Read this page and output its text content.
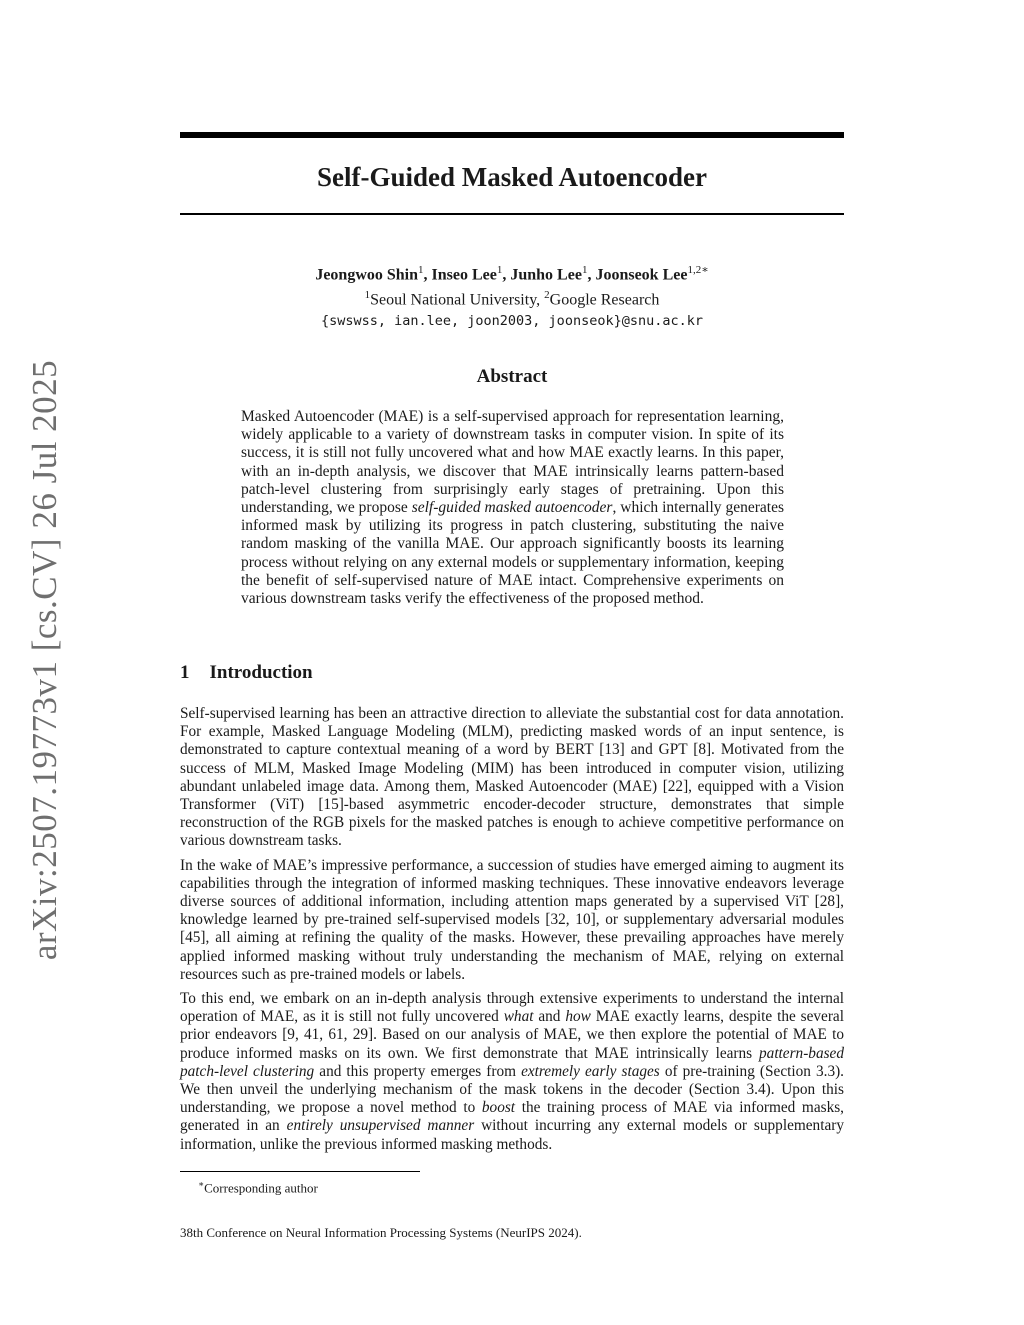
arXiv:2507.19773v1 [cs.CV] 26 Jul 2025
Self-Guided Masked Autoencoder
Jeongwoo Shin$^1$, Inseo Lee$^1$, Junho Lee$^1$, Joonseok Lee$^{1,2∗}$
$^1$Seoul National University, $^2$Google Research
{swswss, ian.lee, joon2003, joonseok}@snu.ac.kr
Abstract

Masked Autoencoder (MAE) is a self-supervised approach for representation learning, widely applicable to a variety of downstream tasks in computer vision. In spite of its success, it is still not fully uncovered what and how MAE exactly learns. In this paper, with an in-depth analysis, we discover that MAE intrinsically learns pattern-based patch-level clustering from surprisingly early stages of pretraining. Upon this understanding, we propose self-guided masked autoencoder, which internally generates informed mask by utilizing its progress in patch clustering, substituting the naive random masking of the vanilla MAE. Our approach significantly boosts its learning process without relying on any external models or supplementary information, keeping the benefit of self-supervised nature of MAE intact. Comprehensive experiments on various downstream tasks verify the effectiveness of the proposed method.

1 Introduction

Self-supervised learning has been an attractive direction to alleviate the substantial cost for data annotation. For example, Masked Language Modeling (MLM), predicting masked words of an input sentence, is demonstrated to capture contextual meaning of a word by BERT [13] and GPT [8]. Motivated from the success of MLM, Masked Image Modeling (MIM) has been introduced in computer vision, utilizing abundant unlabeled image data. Among them, Masked Autoencoder (MAE) [22], equipped with a Vision Transformer (ViT) [15]-based asymmetric encoder-decoder structure, demonstrates that simple reconstruction of the RGB pixels for the masked patches is enough to achieve competitive performance on various downstream tasks.

In the wake of MAE’s impressive performance, a succession of studies have emerged aiming to augment its capabilities through the integration of informed masking techniques. These innovative endeavors leverage diverse sources of additional information, including attention maps generated by a supervised ViT [28], knowledge learned by pre-trained self-supervised models [32, 10], or supplementary adversarial modules [45], all aiming at refining the quality of the masks. However, these prevailing approaches have merely applied informed masking without truly understanding the mechanism of MAE, relying on external resources such as pre-trained models or labels.

To this end, we embark on an in-depth analysis through extensive experiments to understand the internal operation of MAE, as it is still not fully uncovered what and how MAE exactly learns, despite the several prior endeavors [9, 41, 61, 29]. Based on our analysis of MAE, we then explore the potential of MAE to produce informed masks on its own. We first demonstrate that MAE intrinsically learns pattern-based patch-level clustering and this property emerges from extremely early stages of pre-training (Section 3.3). We then unveil the underlying mechanism of the mask tokens in the decoder (Section 3.4). Upon this understanding, we propose a novel method to boost the training process of MAE via informed masks, generated in an entirely unsupervised manner without incurring any external models or supplementary information, unlike the previous informed masking methods.

∗Corresponding author
38th Conference on Neural Information Processing Systems (NeurIPS 2024).
